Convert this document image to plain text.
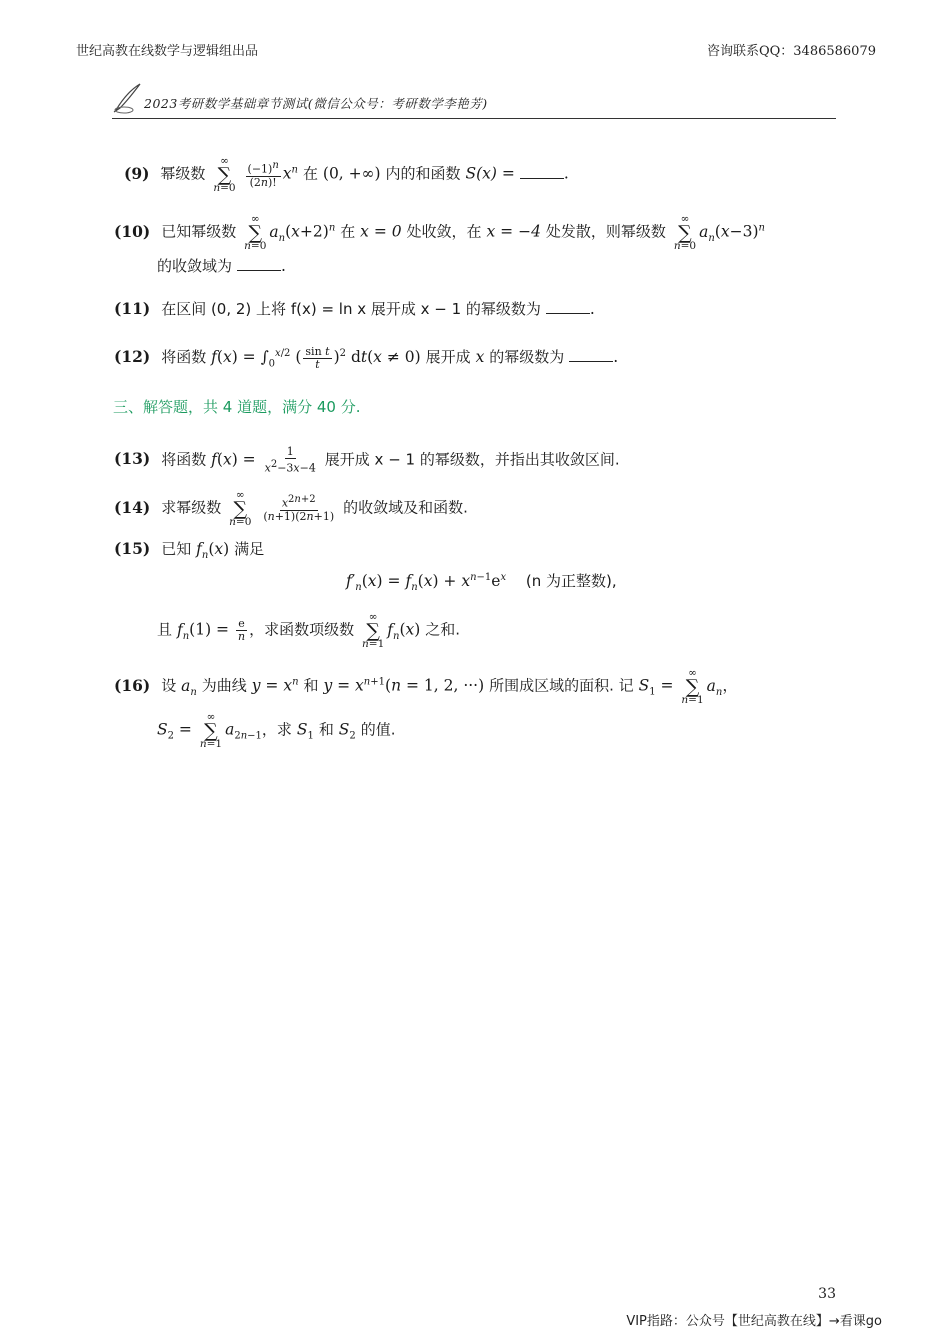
世纪高教在线数学与逻辑组出品	咨询联系QQ：3486586079
2023考研数学基础章节测试(微信公众号：考研数学李艳芳)
(9) 幂级数
∞
∑
n=0
$\frac{(-1)^n}{(2n)!} x^n$ 在 (0, +∞) 内的和函数 S(x) =	.
(10) 已知幂级数
∞
∑
n=0
$a_n(x+2)^n$ 在 x = 0 处收敛，在 x = −4 处发散，则幂级数
∞
∑
n=0
$a_n(x-3)^n$
的收敛域为	.
(11) 在区间 (0, 2) 上将 f(x) = ln x 展开成 x − 1 的幂级数为	.
(12) 将函数 $f(x) = \int_0^{x/2}$ ( $\frac{\text{sin t}}{t} )^2$ dt(x ≠ 0) 展开成 x 的幂级数为	.
三、解答题，共 4 道题，满分 40 分.
(13) 将函数 $f(x) = \frac{1}{x^2-3x-4}$ 展开成 x − 1 的幂级数，并指出其收敛区间.
(14) 求幂级数
∞
∑
n=0
$\frac{x^{2n+2}}{(n+1)(2n+1)}$ 的收敛域及和函数.
(15) 已知 $f_n(x)$ 满足
$f'_n(x) = f_n(x) + x^{n-1}e^x$ (n 为正整数),
且 $f_n(1) = \frac{e}{n}$ ，求函数项级数
∞
∑
n=1
$f_n(x)$ 之和.
(16) 设 $a_n$ 为曲线 $y = x^n$ 和 $y = x^{n+1}(n = 1$, 2, ···) 所围成区域的面积. 记 $S_1$ =
∞
∑
n=1
$a_n$，
$S_2$ =
∞
∑
n=1
$a_{2n-1}$，求 $S_1$ 和 $S_2$ 的值.
33
VIP指路：公众号【世纪高教在线】→看课go
